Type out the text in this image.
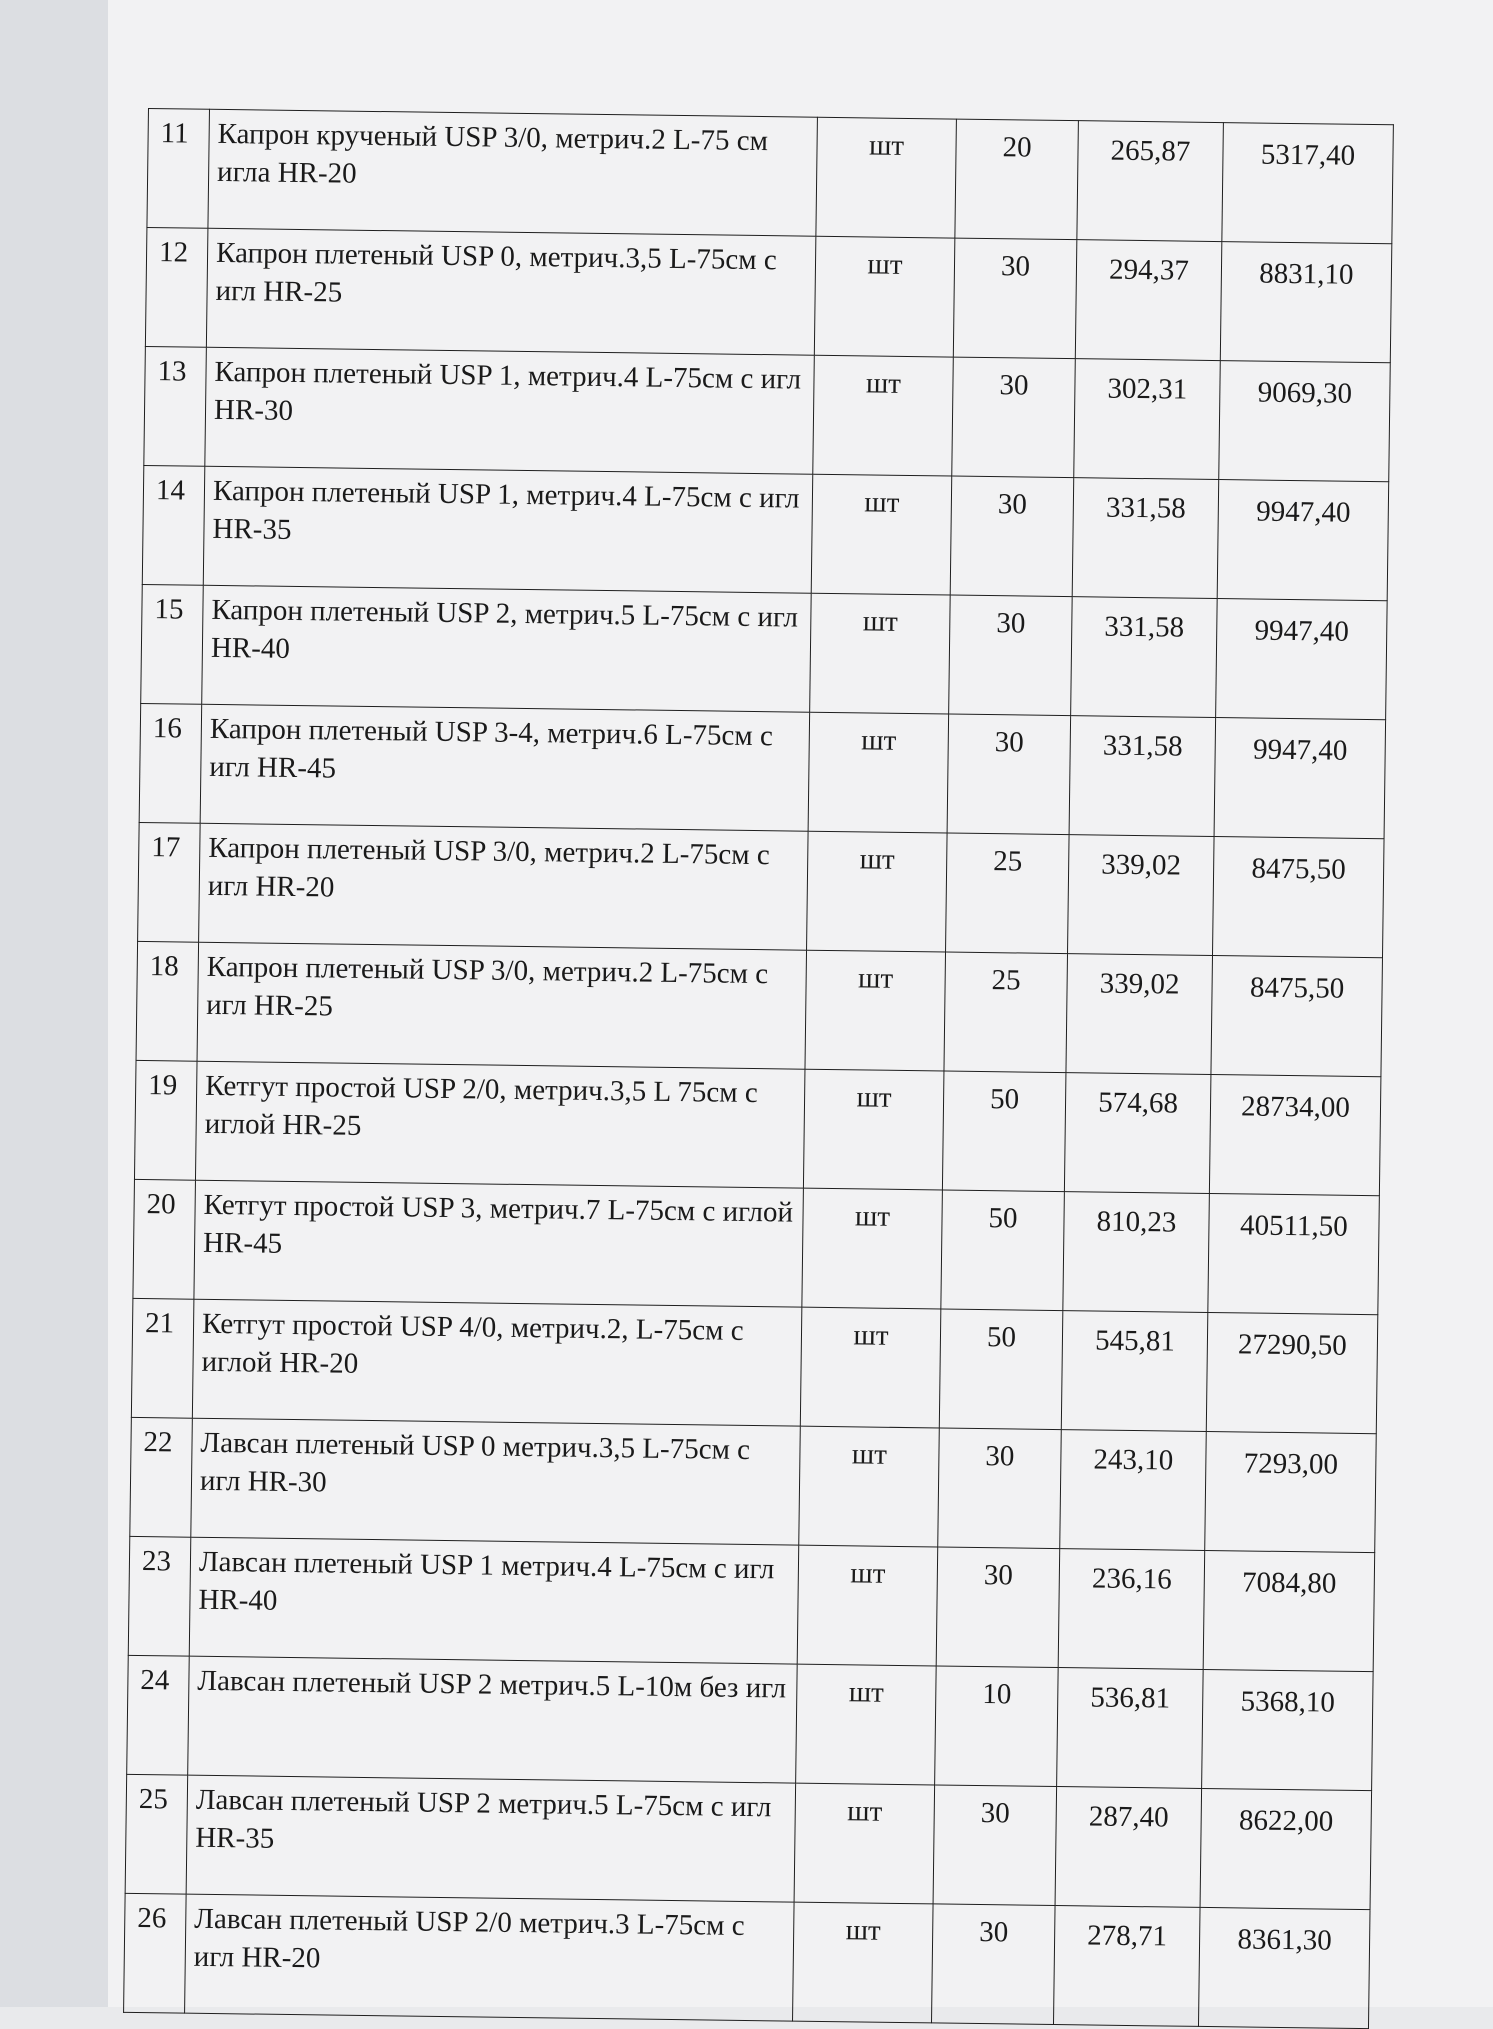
11	Капрон крученый USP 3/0, метрич.2 L-75 см игла HR-20	шт	20	265,87	5317,40
12	Капрон плетеный USP 0, метрич.3,5 L-75см с игл HR-25	шт	30	294,37	8831,10
13	Капрон плетеный USP 1, метрич.4 L-75см с игл HR-30	шт	30	302,31	9069,30
14	Капрон плетеный USP 1, метрич.4 L-75см с игл HR-35	шт	30	331,58	9947,40
15	Капрон плетеный USP 2, метрич.5 L-75см с игл HR-40	шт	30	331,58	9947,40
16	Капрон плетеный USP 3-4, метрич.6 L-75см с игл HR-45	шт	30	331,58	9947,40
17	Капрон плетеный USP 3/0, метрич.2 L-75см с игл HR-20	шт	25	339,02	8475,50
18	Капрон плетеный USP 3/0, метрич.2 L-75см с игл HR-25	шт	25	339,02	8475,50
19	Кетгут простой USP 2/0, метрич.3,5 L 75см с иглой HR-25	шт	50	574,68	28734,00
20	Кетгут простой USP 3, метрич.7 L-75см с иглой HR-45	шт	50	810,23	40511,50
21	Кетгут простой USP 4/0, метрич.2, L-75см с иглой HR-20	шт	50	545,81	27290,50
22	Лавсан плетеный USP 0 метрич.3,5 L-75см с игл HR-30	шт	30	243,10	7293,00
23	Лавсан плетеный USP 1 метрич.4 L-75см с игл HR-40	шт	30	236,16	7084,80
24	Лавсан плетеный USP 2 метрич.5 L-10м без игл	шт	10	536,81	5368,10
25	Лавсан плетеный USP 2 метрич.5 L-75см с игл HR-35	шт	30	287,40	8622,00
26	Лавсан плетеный USP 2/0 метрич.3 L-75см с игл HR-20	шт	30	278,71	8361,30
